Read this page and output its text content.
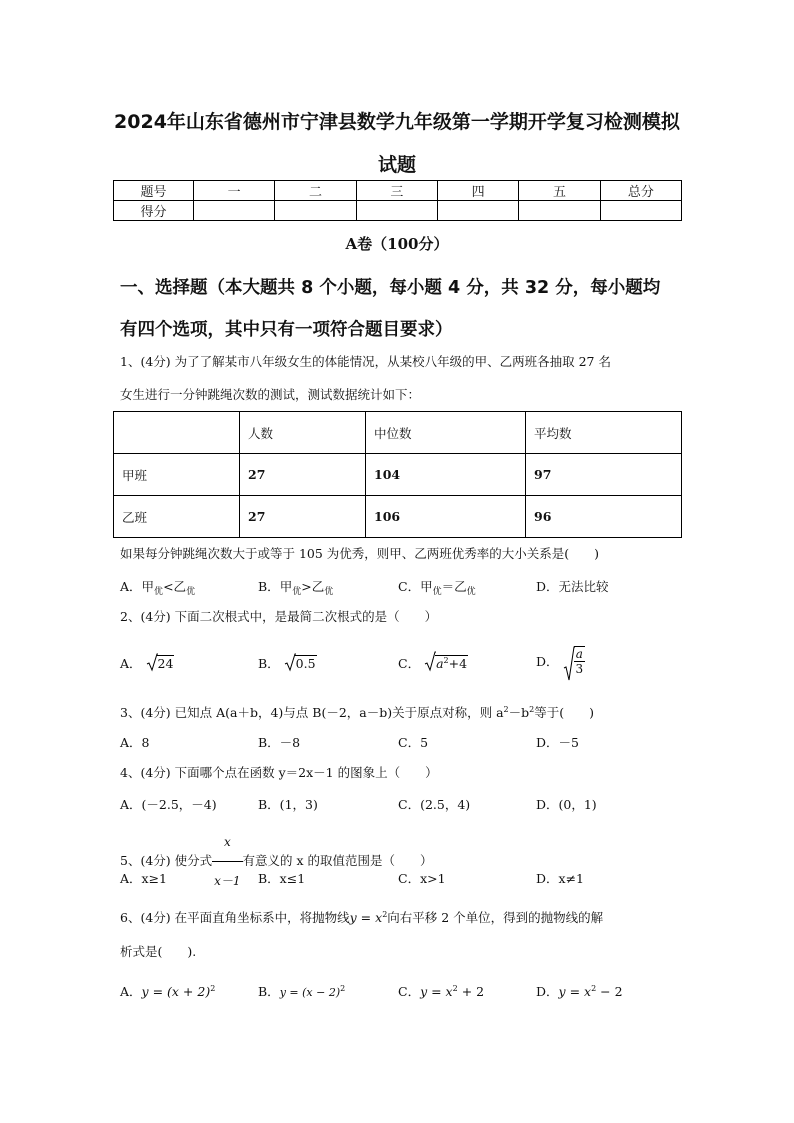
2024年山东省德州市宁津县数学九年级第一学期开学复习检测模拟
试题
题号	一	二	三	四	五	总分
得分						
A卷（100分）
一、选择题（本大题共 8 个小题，每小题 4 分，共 32 分，每小题均
有四个选项，其中只有一项符合题目要求）
1、(4分) 为了了解某市八年级女生的体能情况，从某校八年级的甲、乙两班各抽取 27 名
女生进行一分钟跳绳次数的测试，测试数据统计如下：
	人数	中位数	平均数
甲班	27	104	97
乙班	27	106	96
如果每分钟跳绳次数大于或等于 105 为优秀，则甲、乙两班优秀率的大小关系是(　　)
A．甲$_优$<乙$_优$	B．甲$_优$>乙$_优$	C．甲$_优$＝乙$_优$	D．无法比较
2、(4分) 下面二次根式中，是最简二次根式的是（　　）
A． 24	B． 0.5	C． $a^2+4$	D． $\frac{a}{3}$
3、(4分) 已知点 A(a＋b，4)与点 B(－2，a－b)关于原点对称，则 $a^2-b^2$等于(　　)
A．8	B．－8	C．5	D．－5
4、(4分) 下面哪个点在函数 y＝2x－1 的图象上（　　）
A．(－2.5，－4)	B．(1，3)	C．(2.5，4)	D．(0，1)
5、(4分) 使分式 $\frac{x}{x-1}$ 有意义的 x 的取值范围是（　　）
A．x≥1	B．x≤1	C．x>1	D．x≠1
6、(4分) 在平面直角坐标系中，将抛物线$y = x^2$向右平移 2 个单位，得到的抛物线的解
析式是(　　).
A．$y = (x + 2)^2$	B．$y = (x - 2)^2$	C．$y = x^2 + 2$	D．$y = x^2 - 2$
